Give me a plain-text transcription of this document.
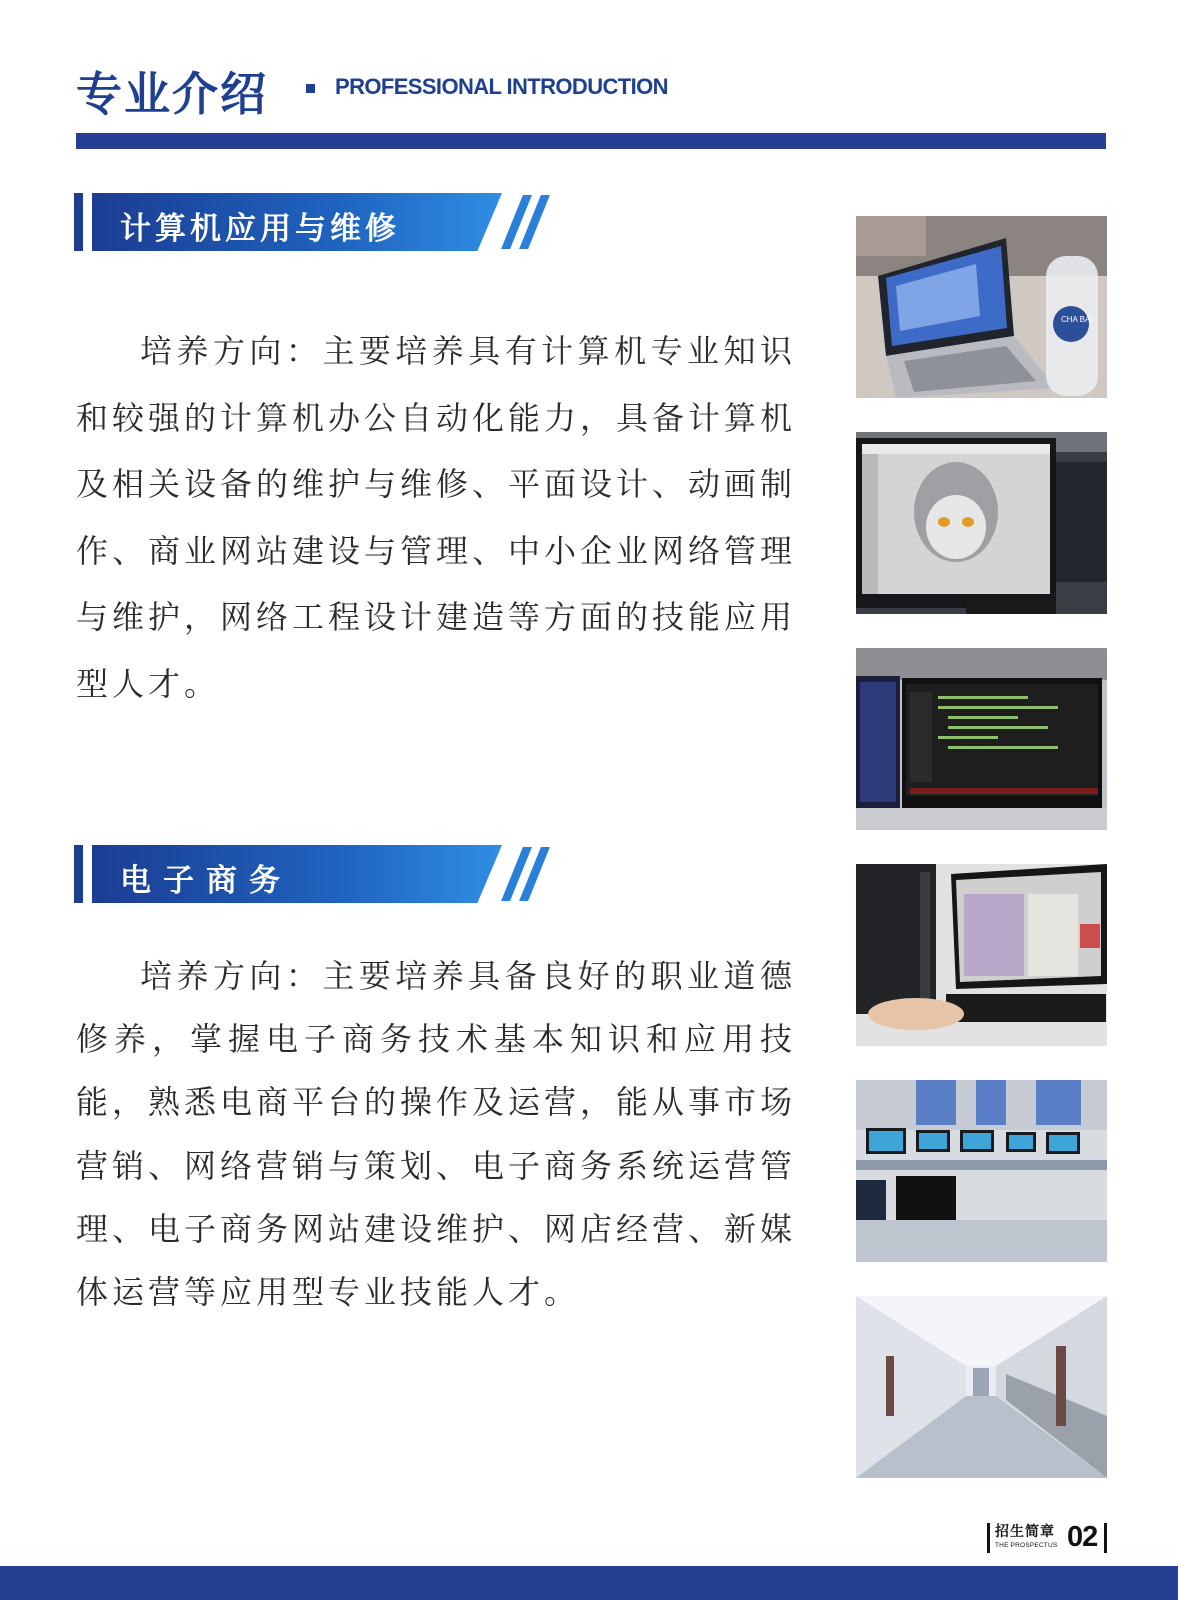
专业介绍	PROFESSIONAL INTRODUCTION
计算机应用与维修

培养方向：主要培养具有计算机专业知识和较强的计算机办公自动化能力，具备计算机及相关设备的维护与维修、平面设计、动画制作、商业网站建设与管理、中小企业网络管理与维护，网络工程设计建造等方面的技能应用型人才。

电子商务

培养方向：主要培养具备良好的职业道德修养，掌握电子商务技术基本知识和应用技能，熟悉电商平台的操作及运营，能从事市场营销、网络营销与策划、电子商务系统运营管理、电子商务网站建设维护、网店经营、新媒体运营等应用型专业技能人才。

CHA BAI
招生简章
THE PROSPECTUS 02
